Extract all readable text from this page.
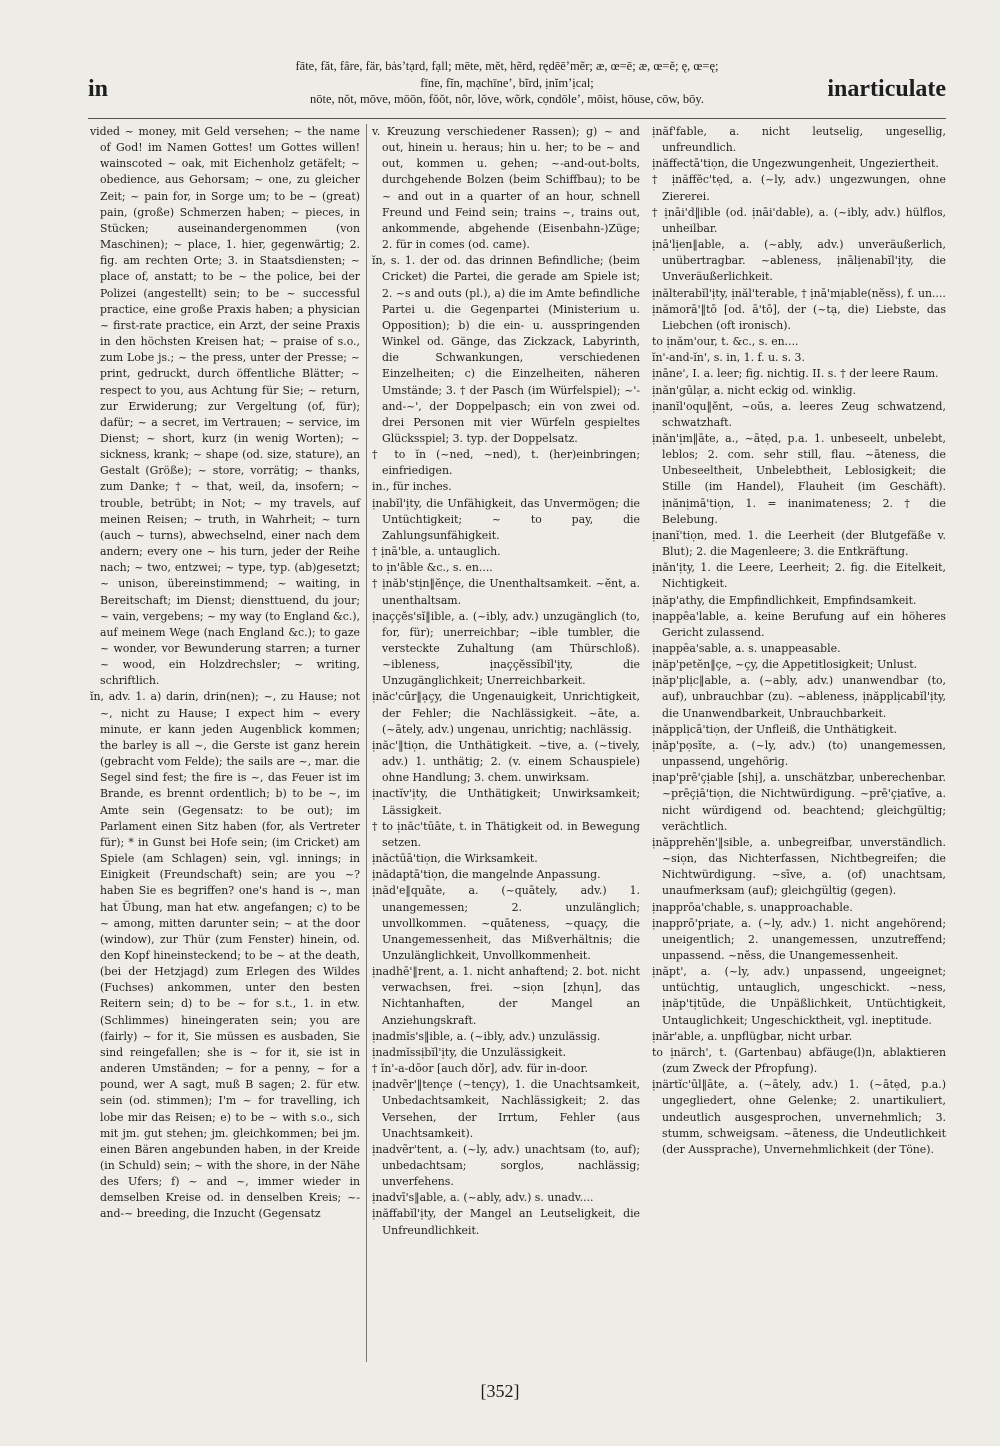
in
fāte, făt, fâre, fär, bȧs’tạrd, fạll; mēte, mĕt, hẽrd, rędēē’mẽr; æ, œ=ē; æ, œ=ĕ; ę, œ=ę;
fīne, fĭn, mạchīne’, bĩrd, ịnĭm’ịcal;
nōte, nŏt, mōve, mōōn, fŏŏt, nôr, lŏve, wõrk, cọndōle’, mōist, hōuse, cōw, bōy.	inarticulate

vided ~ money, mit Geld versehen; ~ the name of God! im Namen Gottes! um Gottes willen! wainscoted ~ oak, mit Eichenholz getäfelt; ~ obedience, aus Gehorsam; ~ one, zu gleicher Zeit; ~ pain for, in Sorge um; to be ~ (great) pain, (große) Schmerzen haben; ~ pieces, in Stücken; auseinandergenommen (von Maschinen); ~ place, 1. hier, gegenwärtig; 2. fig. am rechten Orte; 3. in Staatsdiensten; ~ place of, anstatt; to be ~ the police, bei der Polizei (angestellt) sein; to be ~ successful practice, eine große Praxis haben; a physician ~ first-rate practice, ein Arzt, der seine Praxis in den höchsten Kreisen hat; ~ praise of s.o., zum Lobe js.; ~ the press, unter der Presse; ~ print, gedruckt, durch öffentliche Blätter; ~ respect to you, aus Achtung für Sie; ~ return, zur Erwiderung; zur Vergeltung (of, für); dafür; ~ a secret, im Vertrauen; ~ service, im Dienst; ~ short, kurz (in wenig Worten); ~ sickness, krank; ~ shape (od. size, stature), an Gestalt (Größe); ~ store, vorrätig; ~ thanks, zum Danke; † ~ that, weil, da, insofern; ~ trouble, betrübt; in Not; ~ my travels, auf meinen Reisen; ~ truth, in Wahrheit; ~ turn (auch ~ turns), abwechselnd, einer nach dem andern; every one ~ his turn, jeder der Reihe nach; ~ two, entzwei; ~ type, typ. (ab)gesetzt; ~ unison, übereinstimmend; ~ waiting, in Bereitschaft; im Dienst; diensttuend, du jour; ~ vain, vergebens; ~ my way (to England &c.), auf meinem Wege (nach England &c.); to gaze ~ wonder, vor Bewunderung starren; a turner ~ wood, ein Holzdrechsler; ~ writing, schriftlich.

ĭn, adv. 1. a) darin, drin(nen); ~, zu Hause; not ~, nicht zu Hause; I expect him ~ every minute, er kann jeden Augenblick kommen; the barley is all ~, die Gerste ist ganz herein (gebracht vom Felde); the sails are ~, mar. die Segel sind fest; the fire is ~, das Feuer ist im Brande, es brennt ordentlich; b) to be ~, im Amte sein (Gegensatz: to be out); im Parlament einen Sitz haben (for, als Vertreter für); * in Gunst bei Hofe sein; (im Cricket) am Spiele (am Schlagen) sein, vgl. innings; in Einigkeit (Freundschaft) sein; are you ~? haben Sie es begriffen? one's hand is ~, man hat Übung, man hat etw. angefangen; c) to be ~ among, mitten darunter sein; ~ at the door (window), zur Thür (zum Fenster) hinein, od. den Kopf hineinsteckend; to be ~ at the death, (bei der Hetzjagd) zum Erlegen des Wildes (Fuchses) ankommen, unter den besten Reitern sein; d) to be ~ for s.t., 1. in etw. (Schlimmes) hineingeraten sein; you are (fairly) ~ for it, Sie müssen es ausbaden, Sie sind reingefallen; she is ~ for it, sie ist in anderen Umständen; ~ for a penny, ~ for a pound, wer A sagt, muß B sagen; 2. für etw. sein (od. stimmen); I'm ~ for travelling, ich lobe mir das Reisen; e) to be ~ with s.o., sich mit jm. gut stehen; jm. gleichkommen; bei jm. einen Bären angebunden haben, in der Kreide (in Schuld) sein; ~ with the shore, in der Nähe des Ufers; f) ~ and ~, immer wieder in demselben Kreise od. in denselben Kreis; ~-and-~ breeding, die Inzucht (Gegensatz

v. Kreuzung verschiedener Rassen); g) ~ and out, hinein u. heraus; hin u. her; to be ~ and out, kommen u. gehen; ~-and-out-bolts, durchgehende Bolzen (beim Schiffbau); to be ~ and out in a quarter of an hour, schnell Freund und Feind sein; trains ~, trains out, ankommende, abgehende (Eisenbahn-)Züge; 2. für in comes (od. came).

ĭn, s. 1. der od. das drinnen Befindliche; (beim Cricket) die Partei, die gerade am Spiele ist; 2. ~s and outs (pl.), a) die im Amte befindliche Partei u. die Gegenpartei (Ministerium u. Opposition); b) die ein- u. ausspringenden Winkel od. Gänge, das Zickzack, Labyrinth, die Schwankungen, verschiedenen Einzelheiten; c) die Einzelheiten, näheren Umstände; 3. † der Pasch (im Würfelspiel); ~'-and-~', der Doppelpasch; ein von zwei od. drei Personen mit vier Würfeln gespieltes Glücksspiel; 3. typ. der Doppelsatz.

† to ĭn (~ned, ~ned), t. (her)einbringen; einfriedigen.

in., für inches.

ịnabĭl'ịty, die Unfähigkeit, das Unvermögen; die Untüchtigkeit; ~ to pay, die Zahlungsunfähigkeit.

† ịnā'ble, a. untauglich.

to ịn'āble &c., s. en....

† ịnăb'stịn‖ĕnçe, die Unenthaltsamkeit. ~ĕnt, a. unenthaltsam.

ịnaççĕs'sĭ‖ible, a. (~ibly, adv.) unzugänglich (to, for, für); unerreichbar; ~ible tumbler, die versteckte Zuhaltung (am Thürschloß). ~ibleness, ịnaççĕssĭbĭl'ịty, die Unzugänglichkeit; Unerreichbarkeit.

ịnăc'cūr‖ạçy, die Ungenauigkeit, Unrichtigkeit, der Fehler; die Nachlässigkeit. ~āte, a. (~ātely, adv.) ungenau, unrichtig; nachlässig.

ịnăc'‖tiọn, die Unthätigkeit. ~tive, a. (~tively, adv.) 1. unthätig; 2. (v. einem Schauspiele) ohne Handlung; 3. chem. unwirksam.

ịnactĭv'ịty, die Unthätigkeit; Unwirksamkeit; Lässigkeit.

† to ịnăc'tūāte, t. in Thätigkeit od. in Bewegung setzen.

ịnăctūā'tiọn, die Wirksamkeit.

ịnădaptā'tiọn, die mangelnde Anpassung.

ịnăd'e‖quāte, a. (~quātely, adv.) 1. unangemessen; 2. unzulänglich; unvollkommen. ~quāteness, ~quaçy, die Unangemessenheit, das Mißverhältnis; die Unzulänglichkeit, Unvollkommenheit.

ịnadhē'‖rent, a. 1. nicht anhaftend; 2. bot. nicht verwachsen, frei. ~siọn [zhụn], das Nichtanhaften, der Mangel an Anziehungskraft.

ịnadmĭs's‖ible, a. (~ibly, adv.) unzulässig.

ịnadmĭssịbĭl'ịty, die Unzulässigkeit.

† ĭn'-a-dōor [auch dŏr], adv. für in-door.

ịnadvẽr'‖tençe (~tençy), 1. die Unachtsamkeit, Unbedachtsamkeit, Nachlässigkeit; 2. das Versehen, der Irrtum, Fehler (aus Unachtsamkeit).

ịnadvẽr'tent, a. (~ly, adv.) unachtsam (to, auf); unbedachtsam; sorglos, nachlässig; unverfehens.

ịnadvī's‖able, a. (~ably, adv.) s. unadv....

ịnăffabĭl'ịty, der Mangel an Leutseligkeit, die Unfreundlichkeit.

ịnăf'fable, a. nicht leutselig, ungesellig, unfreundlich.

ịnăffectā'tiọn, die Ungezwungenheit, Ungeziertheit.

† ịnăffĕc'tẹd, a. (~ly, adv.) ungezwungen, ohne Ziererei.

† ịnāi'd‖ible (od. ịnāi'dable), a. (~ibly, adv.) hülflos, unheilbar.

ịnā'lịen‖able, a. (~ably, adv.) unveräußerlich, unübertragbar. ~ableness, ịnālịenabĭl'ịty, die Unveräußerlichkeit.

ịnălterabĭl'ịty, ịnăl'terable, † ịnā'mịable(nĕss), f. un....

ịnămorā'‖tō [od. ā'tō], der (~tạ, die) Liebste, das Liebchen (oft ironisch).

to ịnăm'our, t. &c., s. en....

ĭn'-and-ĭn', s. in, 1. f. u. s. 3.

ịnāne', I. a. leer; fig. nichtig. II. s. † der leere Raum.

ịnăn'gūlạr, a. nicht eckig od. winklig.

ịnanĭl'oqu‖ĕnt, ~oŭs, a. leeres Zeug schwatzend, schwatzhaft.

ịnăn'ịm‖āte, a., ~ātẹd, p.a. 1. unbeseelt, unbelebt, leblos; 2. com. sehr still, flau. ~āteness, die Unbeseeltheit, Unbelebtheit, Leblosigkeit; die Stille (im Handel), Flauheit (im Geschäft). ịnănịmā'tiọn, 1. = inanimateness; 2. † die Belebung.

ịnanĭ'tiọn, med. 1. die Leerheit (der Blutgefäße v. Blut); 2. die Magenleere; 3. die Entkräftung.

ịnăn'ịty, 1. die Leere, Leerheit; 2. fig. die Eitelkeit, Nichtigkeit.

ịnăp'athy, die Empfindlichkeit, Empfindsamkeit.

ịnappēa'lable, a. keine Berufung auf ein höheres Gericht zulassend.

ịnappēa'sable, a. s. unappeasable.

ịnăp'petĕn‖çe, ~çy, die Appetitlosigkeit; Unlust.

ịnăp'plịc‖able, a. (~ably, adv.) unanwendbar (to, auf), unbrauchbar (zu). ~ableness, ịnăpplịcabĭl'ịty, die Unanwendbarkeit, Unbrauchbarkeit.

ịnăpplịcā'tiọn, der Unfleiß, die Unthätigkeit.

ịnăp'pọsĭte, a. (~ly, adv.) (to) unangemessen, unpassend, ungehörig.

ịnap'prē'çịable [shị], a. unschätzbar, unberechenbar. ~prēçịā'tiọn, die Nichtwürdigung. ~prē'çịatīve, a. nicht würdigend od. beachtend; gleichgültig; verächtlich.

ịnăpprehĕn'‖sible, a. unbegreifbar, unverständlich. ~siọn, das Nichterfassen, Nichtbegreifen; die Nichtwürdigung. ~sīve, a. (of) unachtsam, unaufmerksam (auf); gleichgültig (gegen).

ịnapprōa'chable, s. unapproachable.

ịnapprō'prịate, a. (~ly, adv.) 1. nicht angehörend; uneigentlich; 2. unangemessen, unzutreffend; unpassend. ~nĕss, die Unangemessenheit.

ịnăpt', a. (~ly, adv.) unpassend, ungeeignet; untüchtig, untauglich, ungeschickt. ~ness, ịnăp'tịtūde, die Unpäßlichkeit, Untüchtigkeit, Untauglichkeit; Ungeschicktheit, vgl. ineptitude.

ịnăr'able, a. unpflügbar, nicht urbar.

to ịnärch', t. (Gartenbau) abfäuge(l)n, ablaktieren (zum Zweck der Pfropfung).

ịnärtĭc'ūl‖āte, a. (~ātely, adv.) 1. (~ātẹd, p.a.) ungegliedert, ohne Gelenke; 2. unartikuliert, undeutlich ausgesprochen, unvernehmlich; 3. stumm, schweigsam. ~āteness, die Undeutlichkeit (der Aussprache), Unvernehmlichkeit (der Töne).

[352]
